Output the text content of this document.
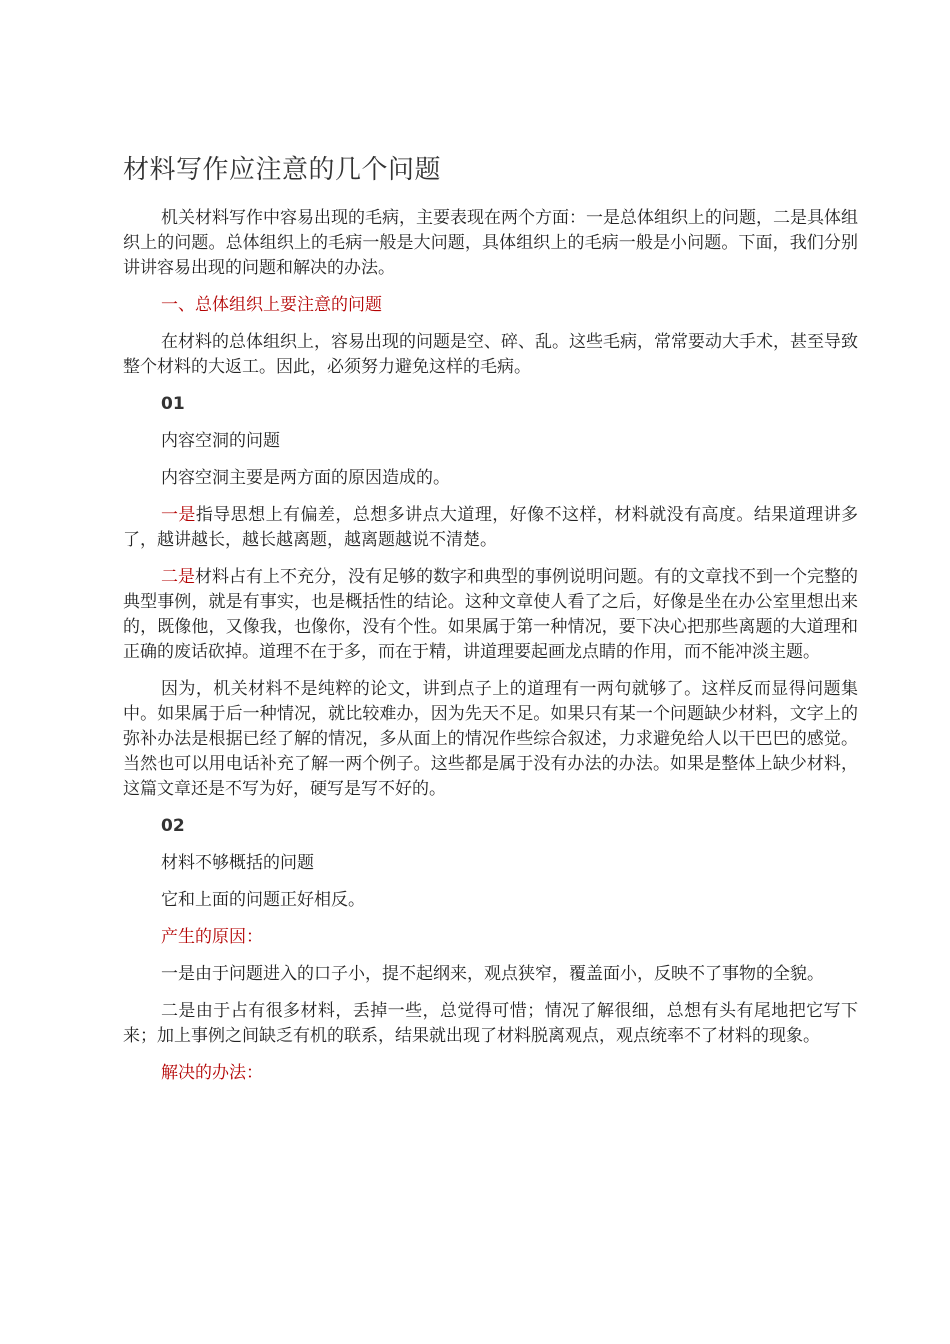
材料写作应注意的几个问题

机关材料写作中容易出现的毛病，主要表现在两个方面：一是总体组织上的问题，二是具体组织上的问题。总体组织上的毛病一般是大问题，具体组织上的毛病一般是小问题。下面，我们分别讲讲容易出现的问题和解决的办法。

一、总体组织上要注意的问题

在材料的总体组织上，容易出现的问题是空、碎、乱。这些毛病，常常要动大手术，甚至导致整个材料的大返工。因此，必须努力避免这样的毛病。

01

内容空洞的问题

内容空洞主要是两方面的原因造成的。

一是指导思想上有偏差，总想多讲点大道理，好像不这样，材料就没有高度。结果道理讲多了，越讲越长，越长越离题，越离题越说不清楚。

二是材料占有上不充分，没有足够的数字和典型的事例说明问题。有的文章找不到一个完整的典型事例，就是有事实，也是概括性的结论。这种文章使人看了之后，好像是坐在办公室里想出来的，既像他，又像我，也像你，没有个性。如果属于第一种情况，要下决心把那些离题的大道理和正确的废话砍掉。道理不在于多，而在于精，讲道理要起画龙点睛的作用，而不能冲淡主题。

因为，机关材料不是纯粹的论文，讲到点子上的道理有一两句就够了。这样反而显得问题集中。如果属于后一种情况，就比较难办，因为先天不足。如果只有某一个问题缺少材料，文字上的弥补办法是根据已经了解的情况，多从面上的情况作些综合叙述，力求避免给人以干巴巴的感觉。当然也可以用电话补充了解一两个例子。这些都是属于没有办法的办法。如果是整体上缺少材料，这篇文章还是不写为好，硬写是写不好的。

02

材料不够概括的问题

它和上面的问题正好相反。

产生的原因：

一是由于问题进入的口子小，提不起纲来，观点狭窄，覆盖面小，反映不了事物的全貌。

二是由于占有很多材料，丢掉一些，总觉得可惜；情况了解很细，总想有头有尾地把它写下来；加上事例之间缺乏有机的联系，结果就出现了材料脱离观点，观点统率不了材料的现象。

解决的办法：
